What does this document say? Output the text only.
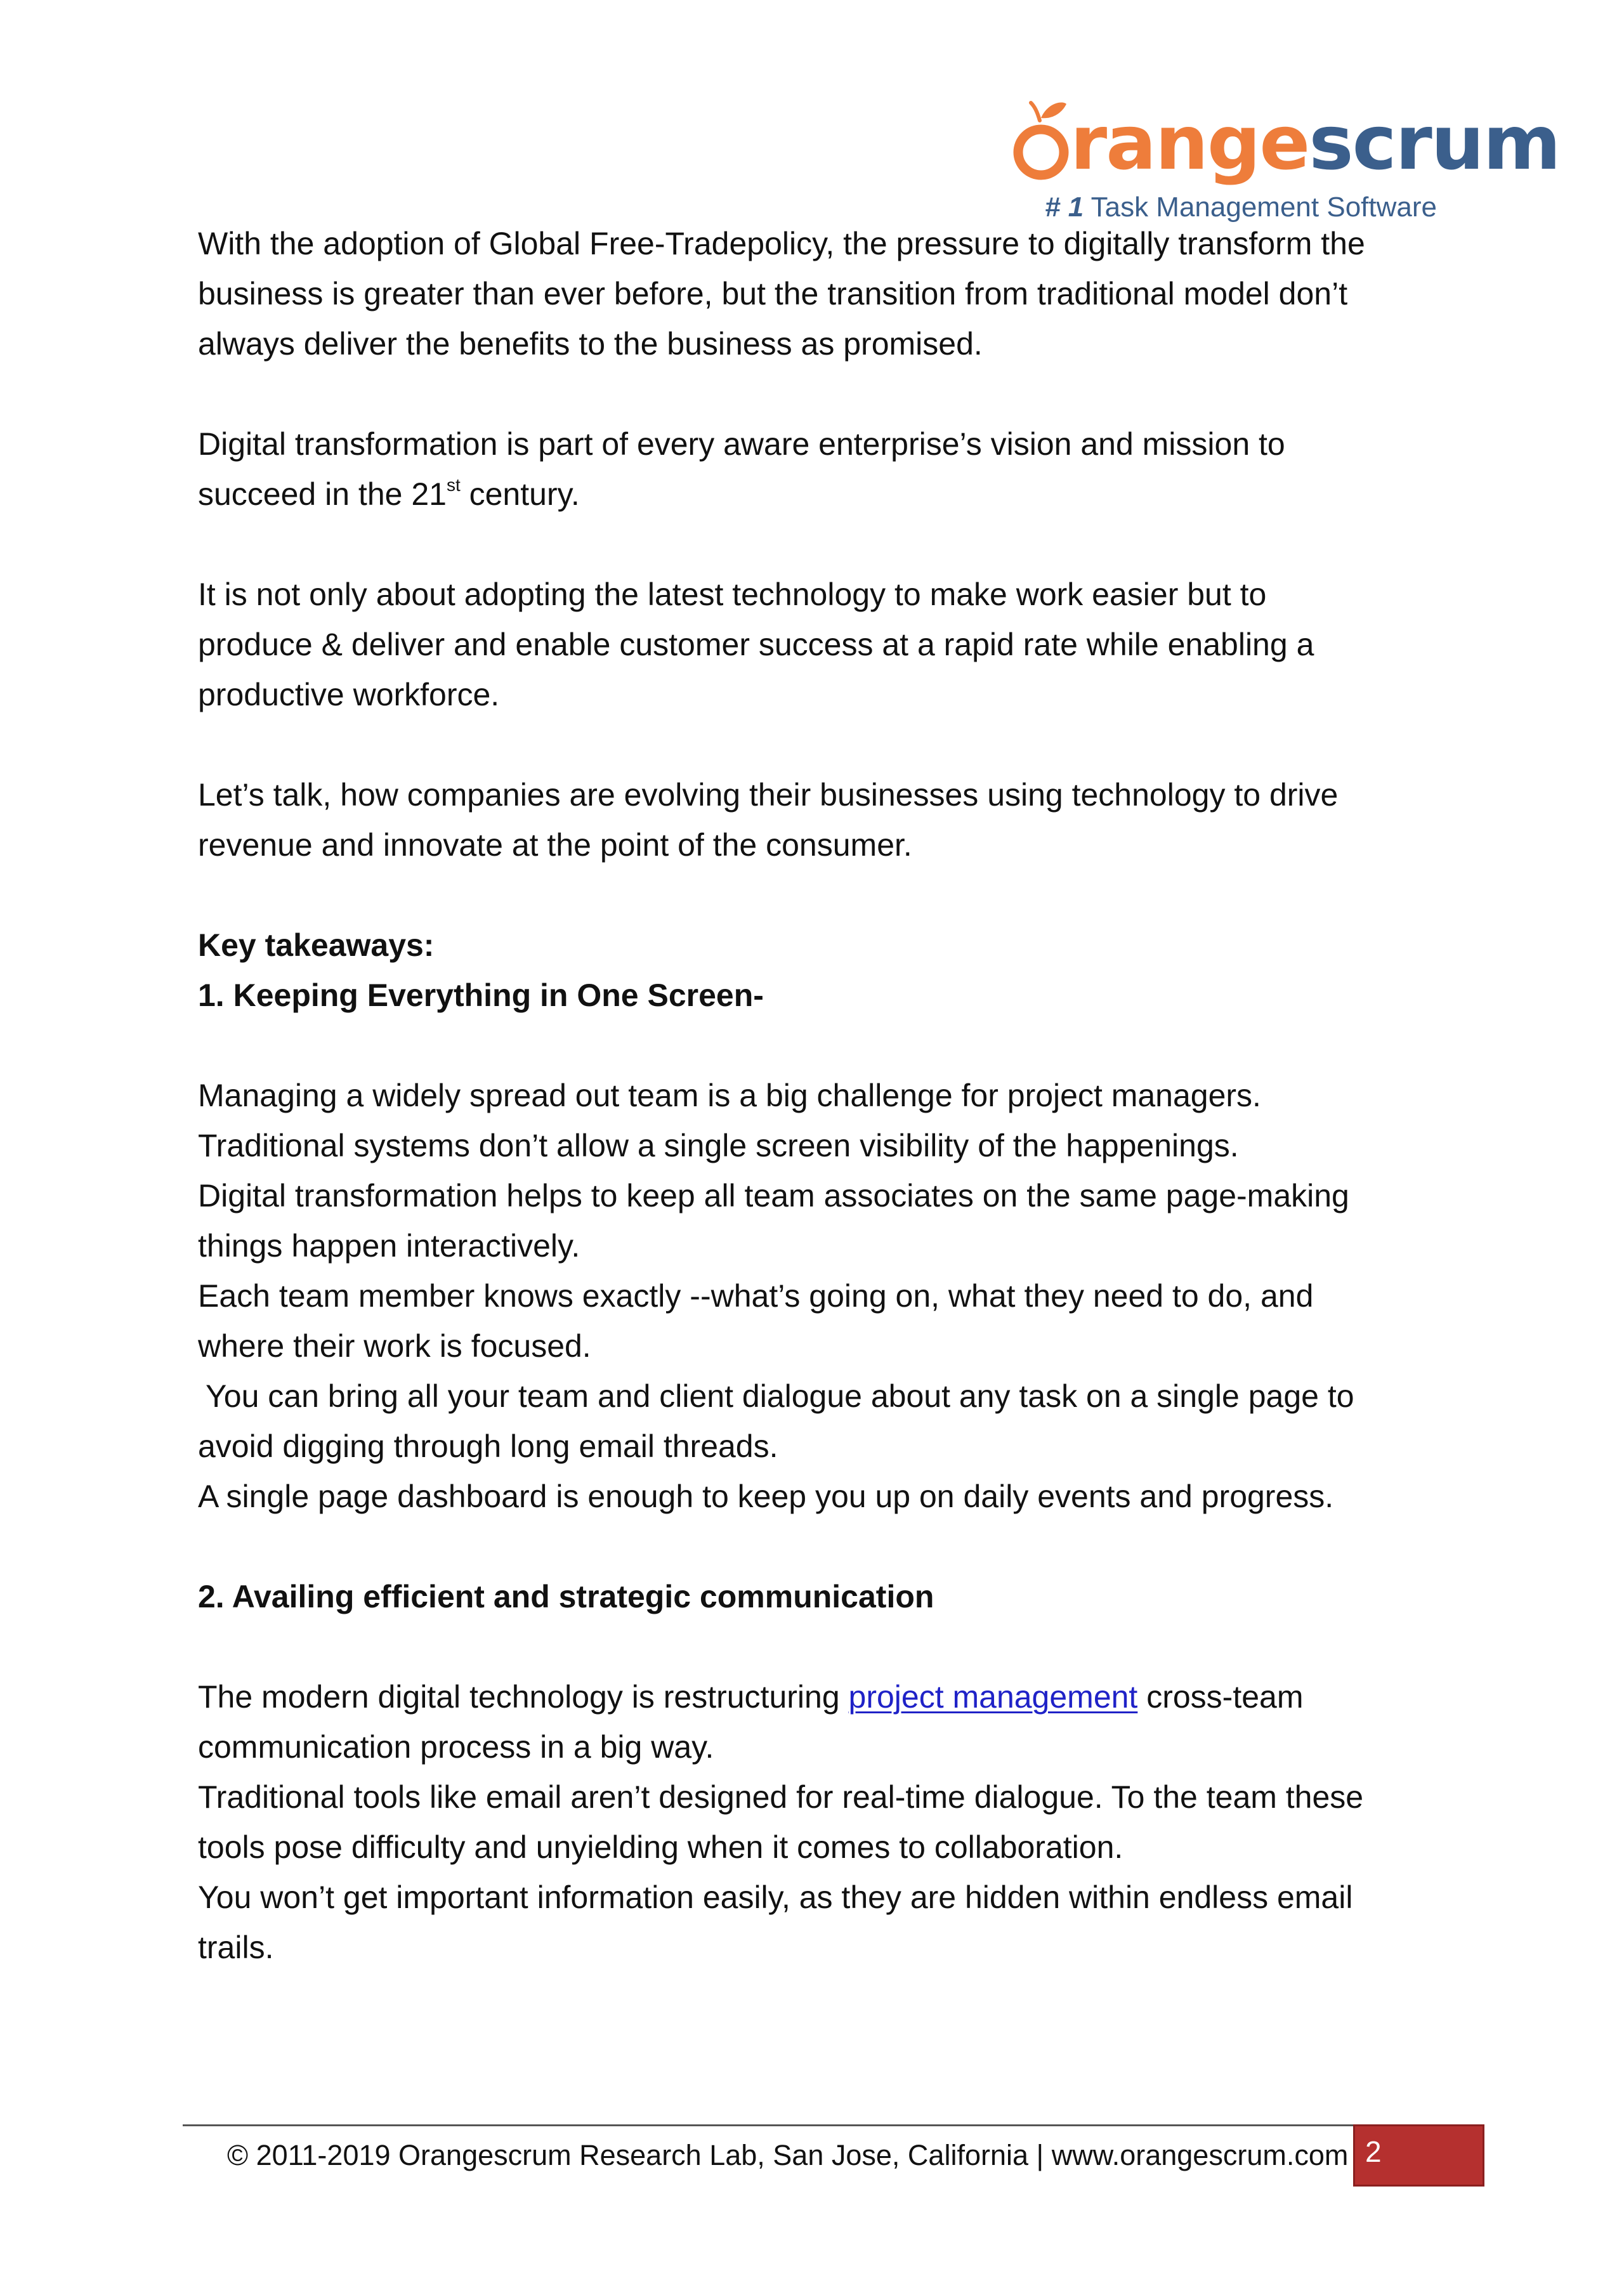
rangescrum
# 1 Task Management Software

With the adoption of Global Free-Tradepolicy, the pressure to digitally transform the

business is greater than ever before, but the transition from traditional model don’t

always deliver the benefits to the business as promised.

Digital transformation is part of every aware enterprise’s vision and mission to

succeed in the 21st century.

It is not only about adopting the latest technology to make work easier but to

produce & deliver and enable customer success at a rapid rate while enabling a

productive workforce.

Let’s talk, how companies are evolving their businesses using technology to drive

revenue and innovate at the point of the consumer.

Key takeaways:

1. Keeping Everything in One Screen-

Managing a widely spread out team is a big challenge for project managers.

Traditional systems don’t allow a single screen visibility of the happenings.

Digital transformation helps to keep all team associates on the same page-making

things happen interactively.

Each team member knows exactly --what’s going on, what they need to do, and

where their work is focused.

You can bring all your team and client dialogue about any task on a single page to

avoid digging through long email threads.

A single page dashboard is enough to keep you up on daily events and progress.

2. Availing efficient and strategic communication

The modern digital technology is restructuring project management cross-team

communication process in a big way.

Traditional tools like email aren’t designed for real-time dialogue. To the team these

tools pose difficulty and unyielding when it comes to collaboration.

You won’t get important information easily, as they are hidden within endless email

trails.

© 2011-2019 Orangescrum Research Lab, San Jose, California | www.orangescrum.com 2
